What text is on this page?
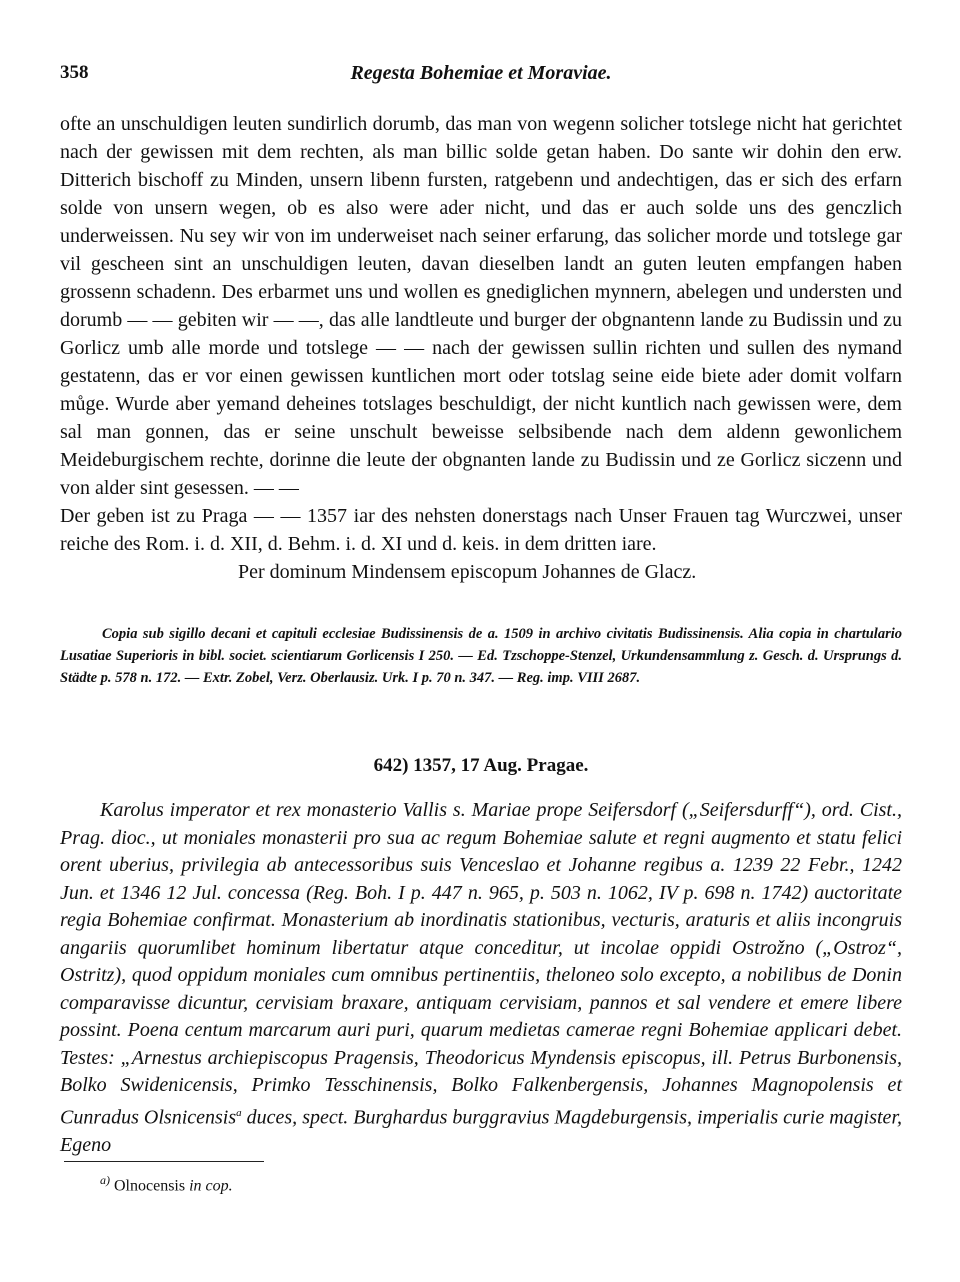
358	Regesta Bohemiae et Moraviae.

ofte an unschuldigen leuten sundirlich dorumb, das man von wegenn solicher totslege nicht hat gerichtet nach der gewissen mit dem rechten, als man billic solde getan haben. Do sante wir dohin den erw. Ditterich bischoff zu Minden, unsern libenn fursten, ratgebenn und andechtigen, das er sich des erfarn solde von unsern wegen, ob es also were ader nicht, und das er auch solde uns des genczlich underweissen. Nu sey wir von im underweiset nach seiner erfarung, das solicher morde und totslege gar vil gescheen sint an unschuldigen leuten, davan dieselben landt an guten leuten empfangen haben grossenn schadenn. Des erbarmet uns und wollen es gnediglichen mynnern, abelegen und understen und dorumb — — gebiten wir — —, das alle landtleute und burger der obgnantenn lande zu Budissin und zu Gorlicz umb alle morde und totslege — — nach der gewissen sullin richten und sullen des nymand gestatenn, das er vor einen gewissen kuntlichen mort oder totslag seine eide biete ader domit volfarn můge. Wurde aber yemand deheines totslages beschuldigt, der nicht kuntlich nach gewissen were, dem sal man gonnen, das er seine unschult beweisse selbsibende nach dem aldenn gewonlichem Meideburgischem rechte, dorinne die leute der obgnanten lande zu Budissin und ze Gorlicz siczenn und von alder sint gesessen. — —

Der geben ist zu Praga — — 1357 iar des nehsten donerstags nach Unser Frauen tag Wurczwei, unser reiche des Rom. i. d. XII, d. Behm. i. d. XI und d. keis. in dem dritten iare.

Per dominum Mindensem episcopum Johannes de Glacz.

Copia sub sigillo decani et capituli ecclesiae Budissinensis de a. 1509 in archivo civitatis Budissinensis. Alia copia in chartulario Lusatiae Superioris in bibl. societ. scientiarum Gorlicensis I 250. — Ed. Tzschoppe-Stenzel, Urkundensammlung z. Gesch. d. Ursprungs d. Städte p. 578 n. 172. — Extr. Zobel, Verz. Oberlausiz. Urk. I p. 70 n. 347. — Reg. imp. VIII 2687.
642) 1357, 17 Aug. Pragae.
Karolus imperator et rex monasterio Vallis s. Mariae prope Seifersdorf („Seifersdurff“), ord. Cist., Prag. dioc., ut moniales monasterii pro sua ac regum Bohemiae salute et regni augmento et statu felici orent uberius, privilegia ab antecessoribus suis Venceslao et Johanne regibus a. 1239 22 Febr., 1242 Jun. et 1346 12 Jul. concessa (Reg. Boh. I p. 447 n. 965, p. 503 n. 1062, IV p. 698 n. 1742) auctoritate regia Bohemiae confirmat. Monasterium ab inordinatis stationibus, vecturis, araturis et aliis incongruis angariis quorumlibet hominum libertatur atque conceditur, ut incolae oppidi Ostrožno („Ostroz“, Ostritz), quod oppidum moniales cum omnibus pertinentiis, theloneo solo excepto, a nobilibus de Donin comparavisse dicuntur, cervisiam braxare, antiquam cervisiam, pannos et sal vendere et emere libere possint. Poena centum marcarum auri puri, quarum medietas camerae regni Bohemiae applicari debet. Testes: „Arnestus archiepiscopus Pragensis, Theodoricus Myndensis episcopus, ill. Petrus Burbonensis, Bolko Swidenicensis, Primko Tesschinensis, Bolko Falkenbergensis, Johannes Magnopolensis et Cunradus Olsnicensis$^a$ duces, spect. Burghardus burggravius Magdeburgensis, imperialis curie magister, Egeno
$^{a)}$ Olnocensis in cop.
